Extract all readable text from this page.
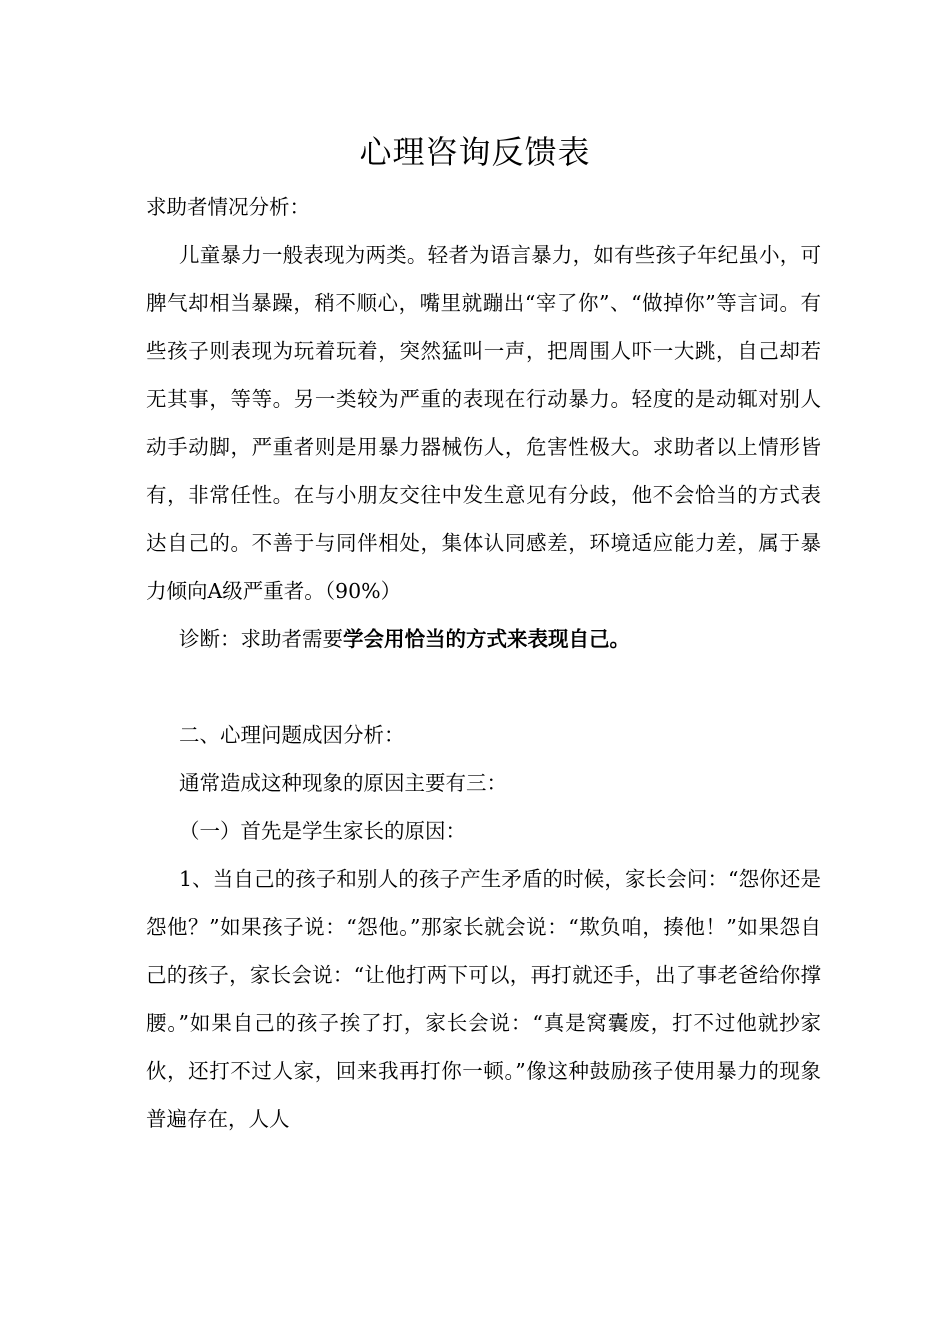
心理咨询反馈表

求助者情况分析：

儿童暴力一般表现为两类。轻者为语言暴力，如有些孩子年纪虽小，可脾气却相当暴躁，稍不顺心，嘴里就蹦出“宰了你”、“做掉你”等言词。有些孩子则表现为玩着玩着，突然猛叫一声，把周围人吓一大跳，自己却若无其事，等等。另一类较为严重的表现在行动暴力。轻度的是动辄对别人动手动脚，严重者则是用暴力器械伤人，危害性极大。求助者以上情形皆有，非常任性。在与小朋友交往中发生意见有分歧，他不会恰当的方式表达自己的。不善于与同伴相处，集体认同感差，环境适应能力差，属于暴力倾向A级严重者。（90%）

诊断：求助者需要学会用恰当的方式来表现自己。

二、心理问题成因分析：

通常造成这种现象的原因主要有三：

（一）首先是学生家长的原因：

1、当自己的孩子和别人的孩子产生矛盾的时候，家长会问：“怨你还是怨他？”如果孩子说：“怨他。”那家长就会说：“欺负咱，揍他！”如果怨自己的孩子，家长会说：“让他打两下可以，再打就还手，出了事老爸给你撑腰。”如果自己的孩子挨了打，家长会说：“真是窝囊废，打不过他就抄家伙，还打不过人家，回来我再打你一顿。”像这种鼓励孩子使用暴力的现象普遍存在，人人
